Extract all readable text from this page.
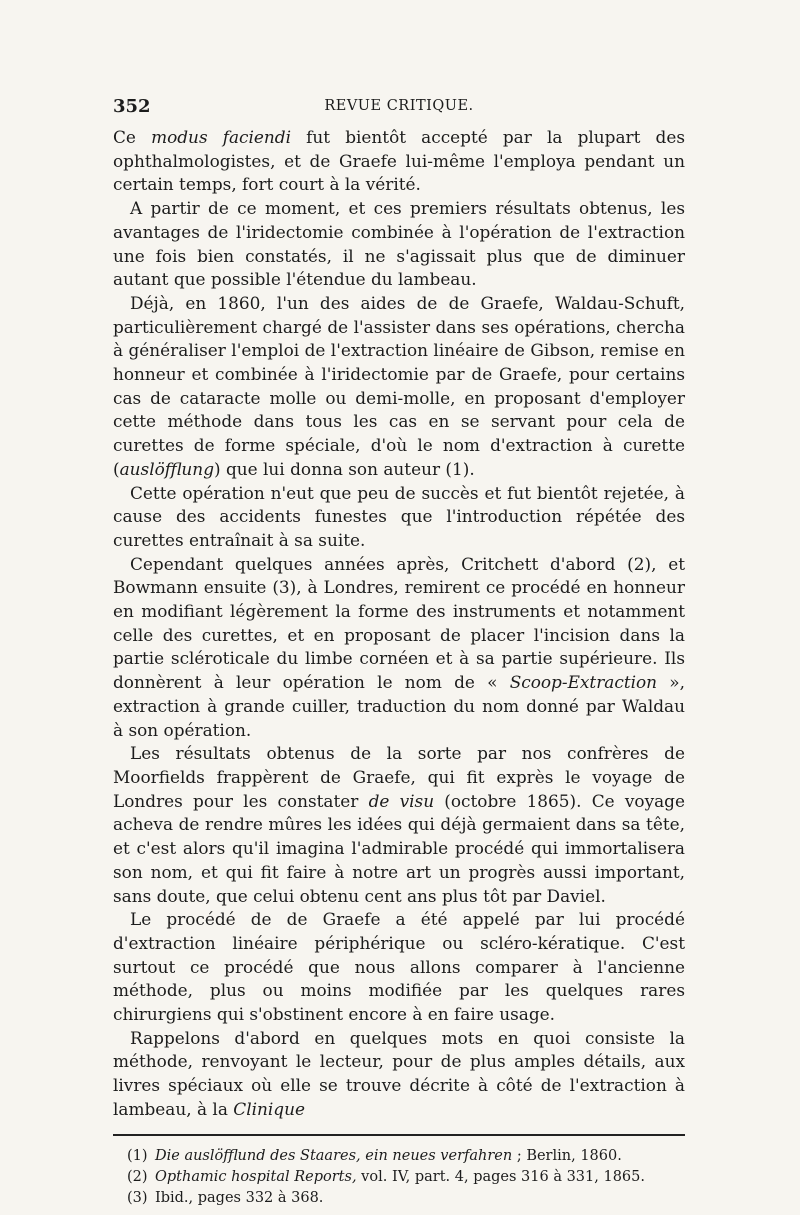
352	REVUE CRITIQUE.

Ce modus faciendi fut bientôt accepté par la plupart des ophthalmologistes, et de Graefe lui-même l'employa pendant un certain temps, fort court à la vérité.

A partir de ce moment, et ces premiers résultats obtenus, les avantages de l'iridectomie combinée à l'opération de l'extraction une fois bien constatés, il ne s'agissait plus que de diminuer autant que possible l'étendue du lambeau.

Déjà, en 1860, l'un des aides de de Graefe, Waldau-Schuft, particulièrement chargé de l'assister dans ses opérations, chercha à généraliser l'emploi de l'extraction linéaire de Gibson, remise en honneur et combinée à l'iridectomie par de Graefe, pour certains cas de cataracte molle ou demi-molle, en proposant d'employer cette méthode dans tous les cas en se servant pour cela de curettes de forme spéciale, d'où le nom d'extraction à curette (auslöfflung) que lui donna son auteur (1).

Cette opération n'eut que peu de succès et fut bientôt rejetée, à cause des accidents funestes que l'introduction répétée des curettes entraînait à sa suite.

Cependant quelques années après, Critchett d'abord (2), et Bowmann ensuite (3), à Londres, remirent ce procédé en honneur en modifiant légèrement la forme des instruments et notamment celle des curettes, et en proposant de placer l'incision dans la partie scléroticale du limbe cornéen et à sa partie supérieure. Ils donnèrent à leur opération le nom de « Scoop-Extraction », extraction à grande cuiller, traduction du nom donné par Waldau à son opération.

Les résultats obtenus de la sorte par nos confrères de Moorfields frappèrent de Graefe, qui fit exprès le voyage de Londres pour les constater de visu (octobre 1865). Ce voyage acheva de rendre mûres les idées qui déjà germaient dans sa tête, et c'est alors qu'il imagina l'admirable procédé qui immortalisera son nom, et qui fit faire à notre art un progrès aussi important, sans doute, que celui obtenu cent ans plus tôt par Daviel.

Le procédé de de Graefe a été appelé par lui procédé d'extraction linéaire périphérique ou scléro-kératique. C'est surtout ce procédé que nous allons comparer à l'ancienne méthode, plus ou moins modifiée par les quelques rares chirurgiens qui s'obstinent encore à en faire usage.

Rappelons d'abord en quelques mots en quoi consiste la méthode, renvoyant le lecteur, pour de plus amples détails, aux livres spéciaux où elle se trouve décrite à côté de l'extraction à lambeau, à la Clinique

(1) Die auslöfflund des Staares, ein neues verfahren ; Berlin, 1860.
(2) Opthamic hospital Reports, vol. IV, part. 4, pages 316 à 331, 1865.
(3) Ibid., pages 332 à 368.
